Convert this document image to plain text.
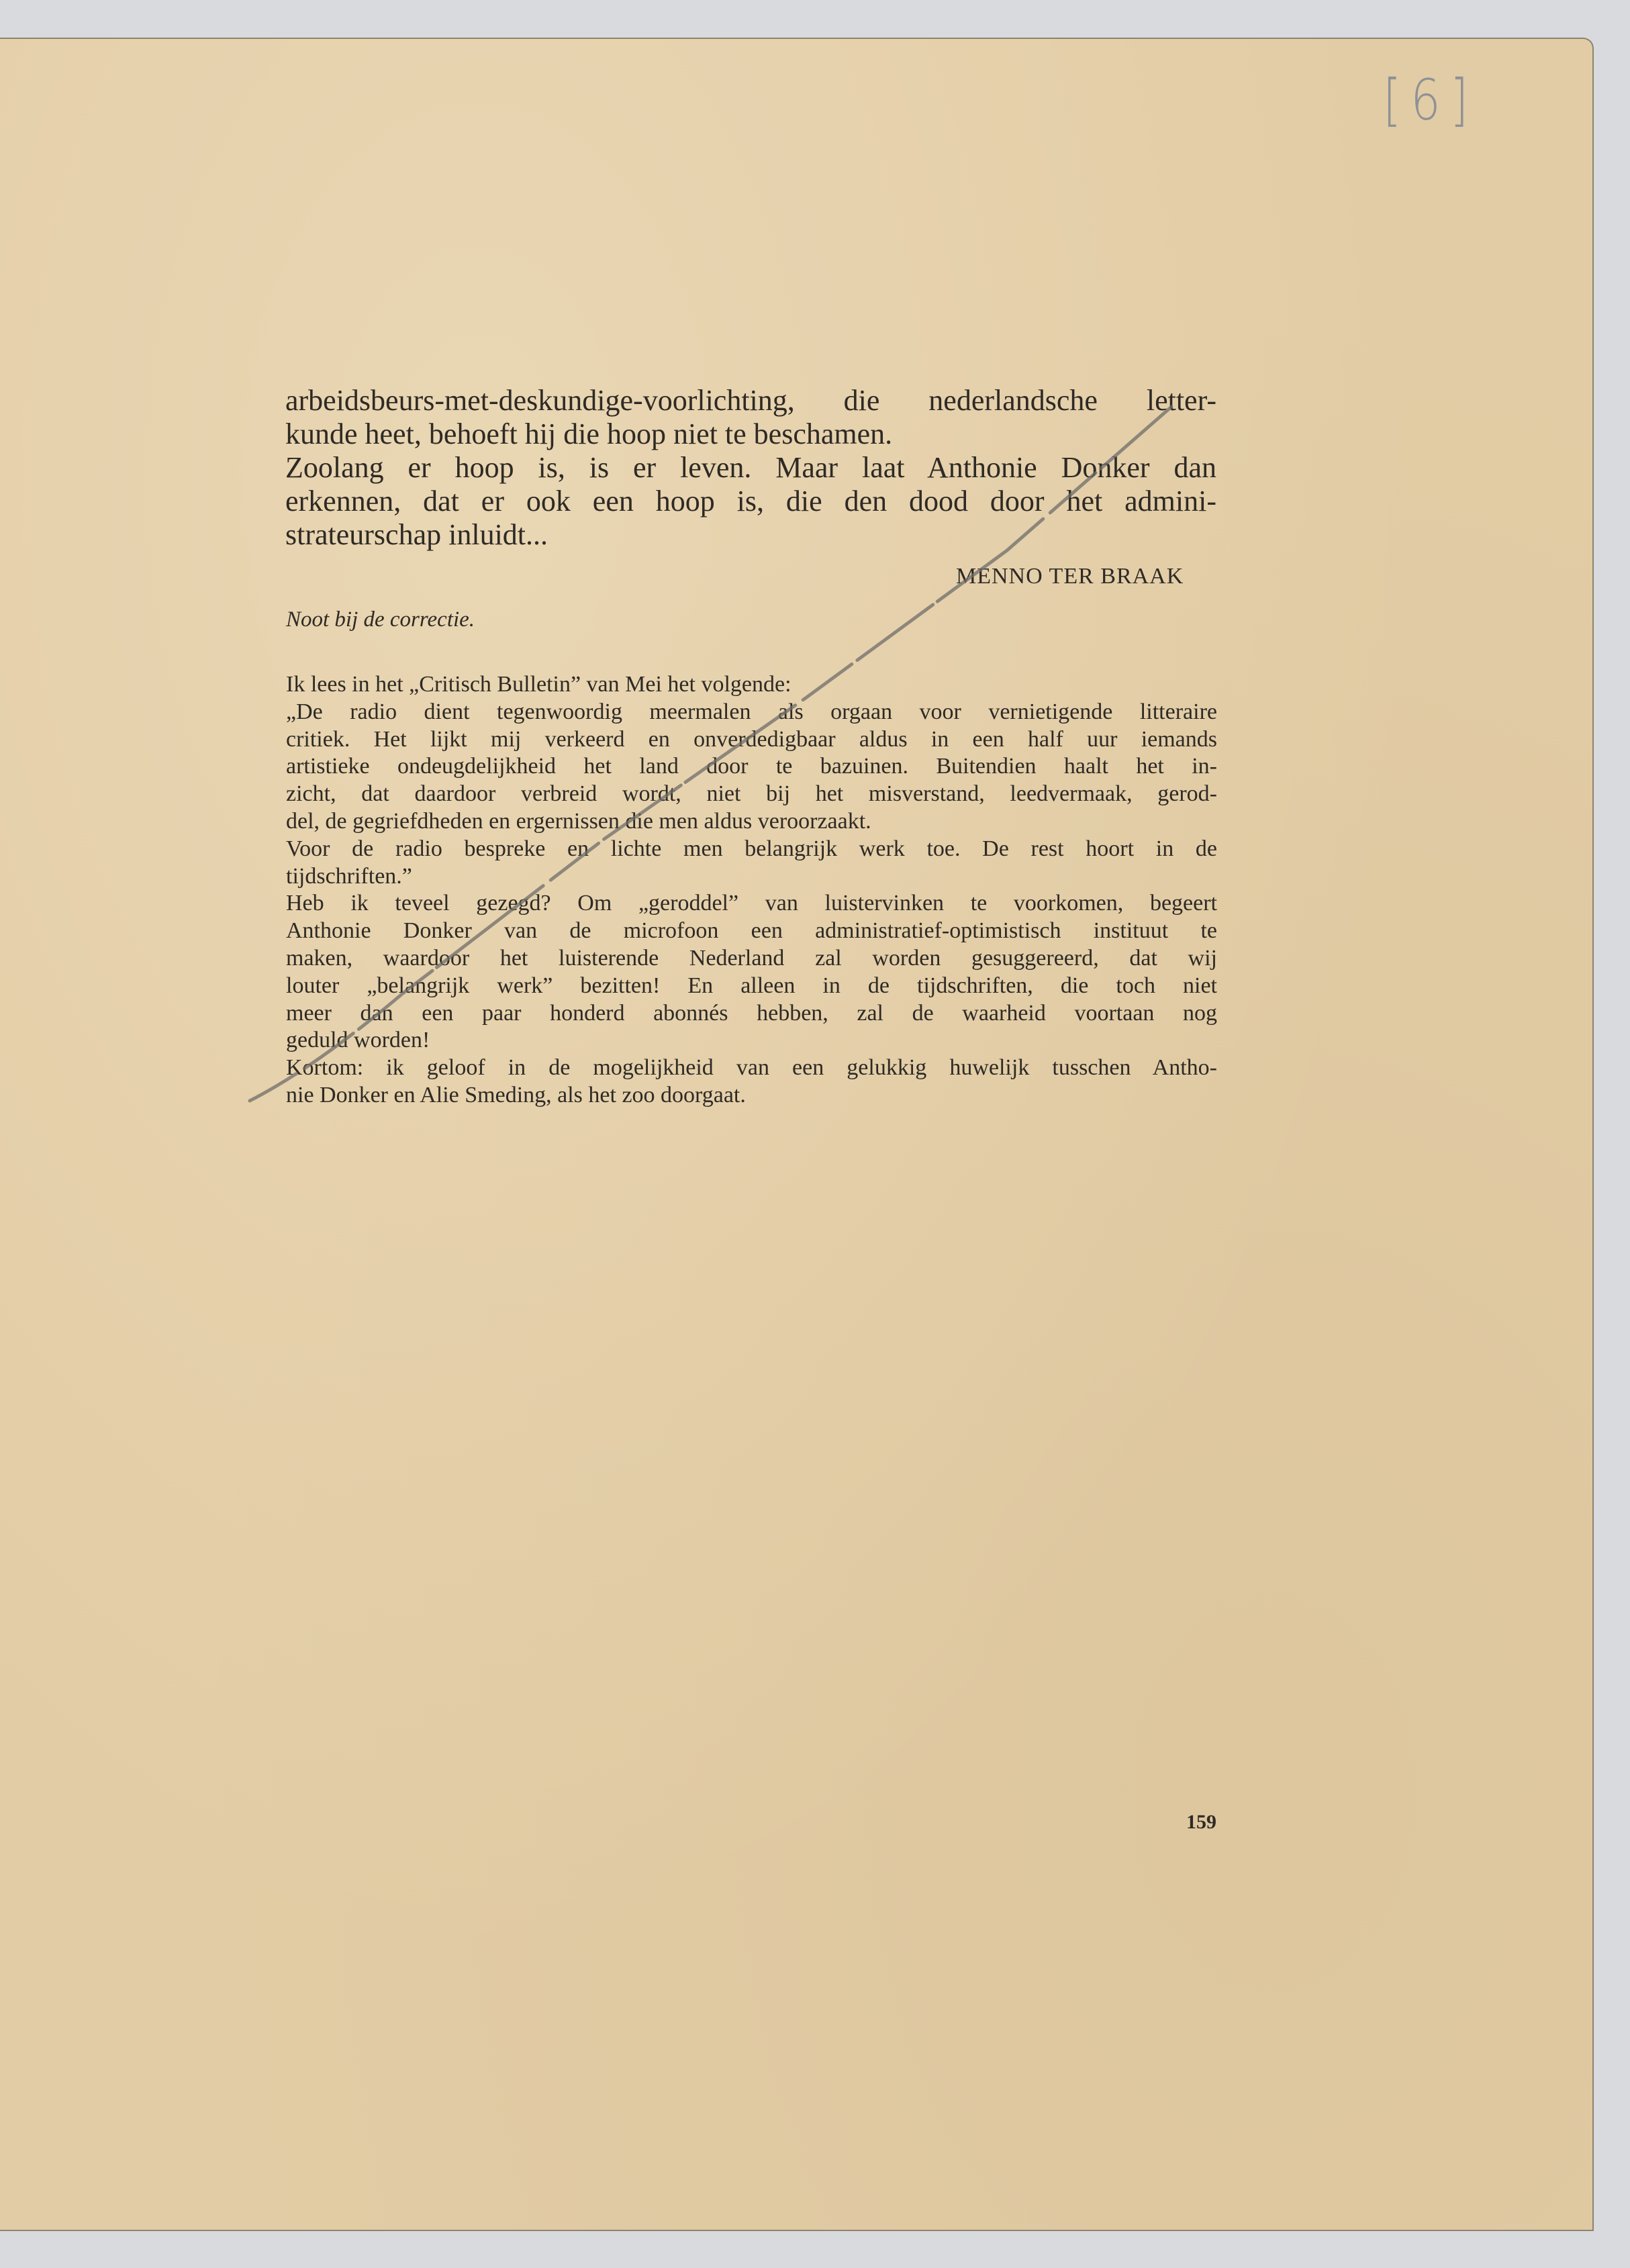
[6]
arbeidsbeurs-met-deskundige-voorlichting, die nederlandsche letter-
kunde heet, behoeft hij die hoop niet te beschamen.
Zoolang er hoop is, is er leven. Maar laat Anthonie Donker dan
erkennen, dat er ook een hoop is, die den dood door het admini-
strateurschap inluidt...
MENNO TER BRAAK
Noot bij de correctie.
Ik lees in het „Critisch Bulletin” van Mei het volgende:
„De radio dient tegenwoordig meermalen als orgaan voor vernietigende litteraire
critiek. Het lijkt mij verkeerd en onverdedigbaar aldus in een half uur iemands
artistieke ondeugdelijkheid het land door te bazuinen. Buitendien haalt het in-
zicht, dat daardoor verbreid wordt, niet bij het misverstand, leedvermaak, gerod-
del, de gegriefdheden en ergernissen die men aldus veroorzaakt.
Voor de radio bespreke en lichte men belangrijk werk toe. De rest hoort in de
tijdschriften.”
Heb ik teveel gezegd? Om „geroddel” van luistervinken te voorkomen, begeert
Anthonie Donker van de microfoon een administratief-optimistisch instituut te
maken, waardoor het luisterende Nederland zal worden gesuggereerd, dat wij
louter „belangrijk werk” bezitten! En alleen in de tijdschriften, die toch niet
meer dan een paar honderd abonnés hebben, zal de waarheid voortaan nog
geduld worden!
Kortom: ik geloof in de mogelijkheid van een gelukkig huwelijk tusschen Antho-
nie Donker en Alie Smeding, als het zoo doorgaat.
159
